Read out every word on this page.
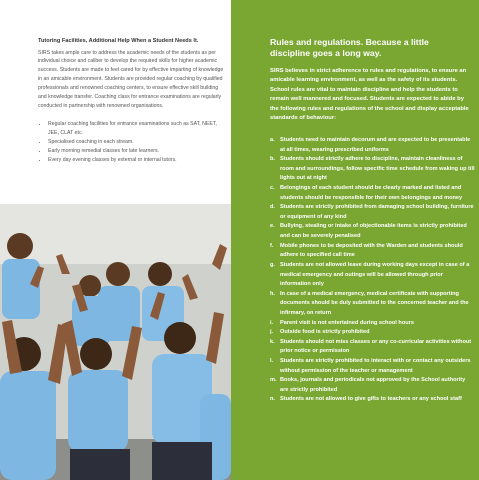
Tutoring Facilities, Additional Help When a Student Needs It.

SIRS takes ample care to address the academic needs of the students as per individual choice and caliber to develop the required skills for higher academic success. Students are made to feel cared for by effective imparting of knowledge in an amicable environment. Students are provided regular coaching by qualified professionals and renowned coaching centers, to ensure effective skill building and knowledge transfer. Coaching class for entrance examinations are regularly conducted in partnership with renowned organisations.

• Regular coaching facilities for entrance examinations such as SAT, NEET, JEE, CLAT etc.
• Specialised coaching in each stream.
• Early morning remedial classes for late learners.
• Every day evening classes by external or internal tutors.
Rules and regulations. Because a little discipline goes a long way.

SIRS believes in strict adherence to rules and regulations, to ensure an amicable learning environment, as well as the safety of its students. School rules are vital to maintain discipline and help the students to remain well mannered and focused. Students are expected to abide by the following rules and regulations of the school and display acceptable standards of behaviour:

a. Students need to maintain decorum and are expected to be presentable at all times, wearing prescribed uniforms
b. Students should strictly adhere to discipline, maintain cleanliness of room and surroundings, follow specific time schedule from waking up till lights out at night
c. Belongings of each student should be clearly marked and listed and students should be responsible for their own belongings and money
d. Students are strictly prohibited from damaging school building, furniture or equipment of any kind
e. Bullying, stealing or intake of objectionable items is strictly prohibited and can be severely penalised
f.	Mobile phones to be deposited with the Warden and students should adhere to specified call time
g. Students are not allowed leave during working days except in case of a medical emergency and outings will be allowed through prior information only
h. In case of a medical emergency, medical certificate with supporting documents should be duly submitted to the concerned teacher and the infirmary, on return
i.	Parent visit is not entertained during school hours
j.	Outside food is strictly prohibited
k. Students should not miss classes or any co-curricular activities without prior notice or permission
l.	Students are strictly prohibited to interact with or contact any outsiders without permission of the teacher or management
m. Books, journals and periodicals not approved by the School authority are strictly prohibited
n. Students are not allowed to give gifts to teachers or any school staff
